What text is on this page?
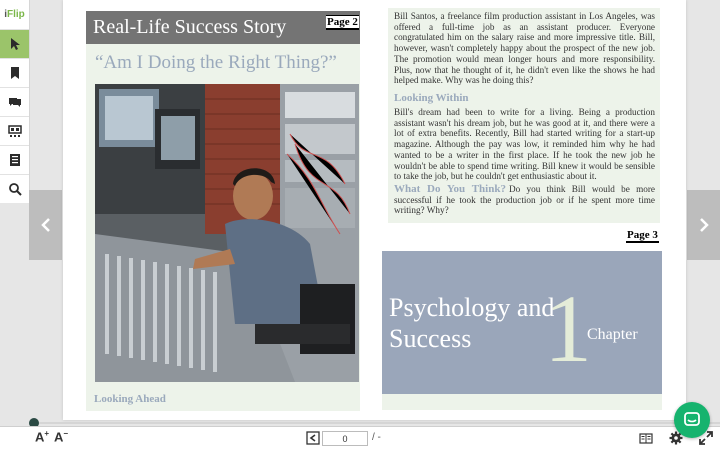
i Flip
Real-Life Success Story	Page 2
“Am I Doing the Right Thing?”
Looking Ahead

Bill Santos, a freelance film production assistant in Los Angeles, was offered a full-time job as an assistant producer. Everyone congratulated him on the salary raise and more impressive title. Bill, however, wasn't completely happy about the prospect of the new job. The promotion would mean longer hours and more responsibility. Plus, now that he thought of it, he didn't even like the shows he had helped make. Why was he doing this?

Looking Within

Bill's dream had been to write for a living. Being a production assistant wasn't his dream job, but he was good at it, and there were a lot of extra benefits. Recently, Bill had started writing for a start-up magazine. Although the pay was low, it reminded him why he had wanted to be a writer in the first place. If he took the new job he wouldn't be able to spend time writing. Bill knew it would be sensible to take the job, but he couldn't get enthusiastic about it.

What Do You Think? Do you think Bill would be more successful if he took the production job or if he spent more time writing? Why?

Page 3
1
Psychology and Success	Chapter
A+ A−
0	/ -
